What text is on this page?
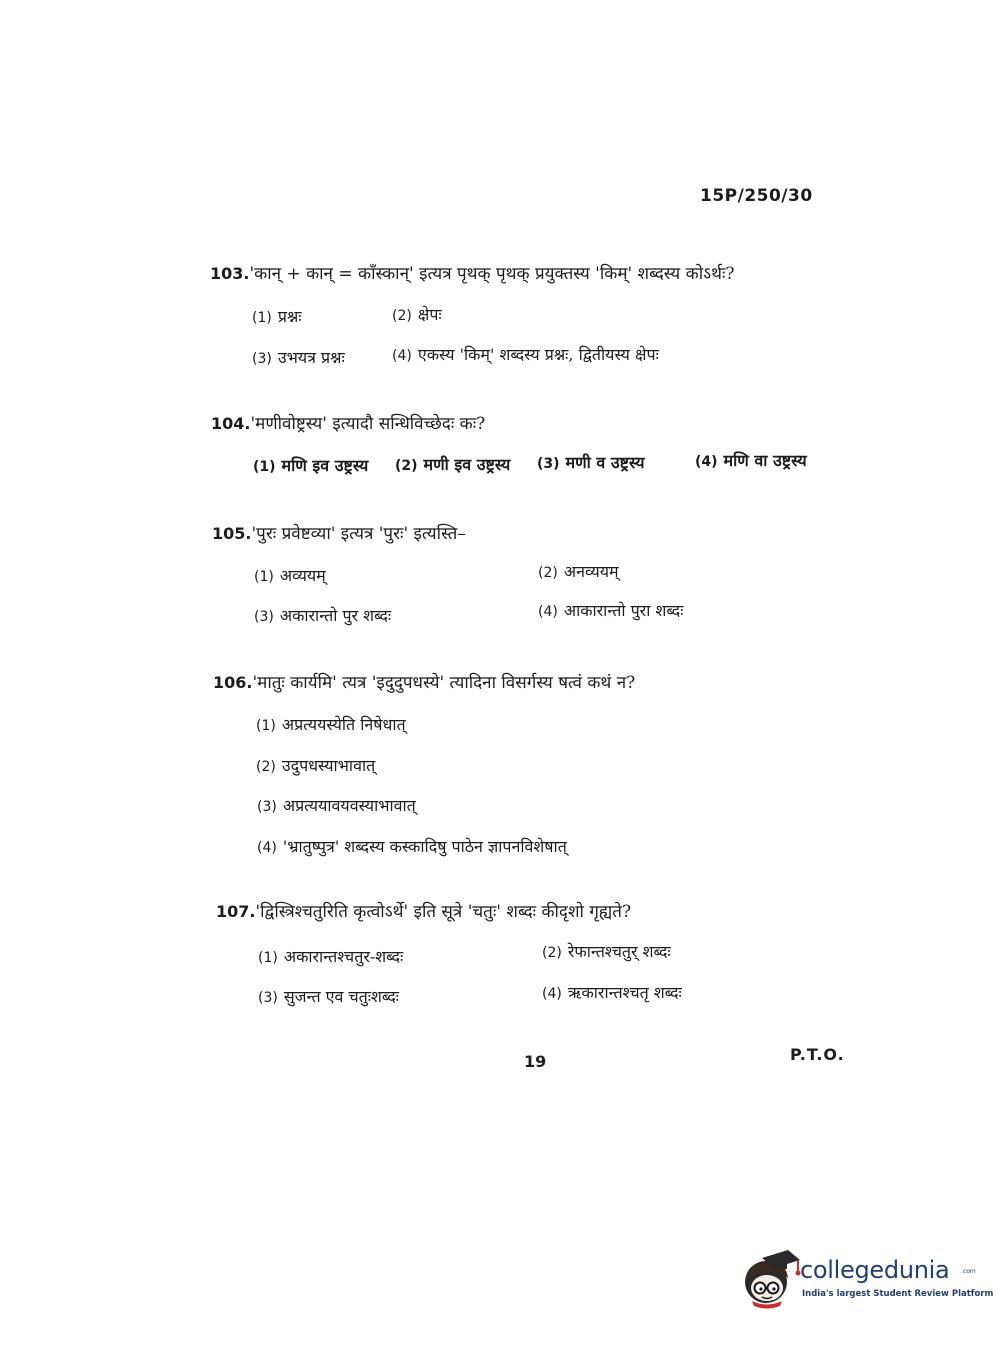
15P/250/30
103.'कान् + कान् = काँस्कान्' इत्यत्र पृथक् पृथक् प्रयुक्तस्य 'किम्' शब्दस्य कोऽर्थः?
(1) प्रश्नः	(2) क्षेपः
(3) उभयत्र प्रश्नः	(4) एकस्य 'किम्' शब्दस्य प्रश्नः, द्वितीयस्य क्षेपः
104.'मणीवोष्ट्रस्य' इत्यादौ सन्धिविच्छेदः कः?
(1) मणि इव उष्ट्रस्य (2) मणी इव उष्ट्रस्य (3) मणी व उष्ट्रस्य	(4) मणि वा उष्ट्रस्य
105.'पुरः प्रवेष्टव्या' इत्यत्र 'पुरः' इत्यस्ति–
(1) अव्ययम्	(2) अनव्ययम्
(3) अकारान्तो पुर शब्दः	(4) आकारान्तो पुरा शब्दः
106.'मातुः कार्यमि' त्यत्र 'इदुदुपधस्ये' त्यादिना विसर्गस्य षत्वं कथं न?
(1) अप्रत्ययस्येति निषेधात्
(2) उदुपधस्याभावात्
(3) अप्रत्ययावयवस्याभावात्
(4) 'भ्रातुष्पुत्र' शब्दस्य कस्कादिषु पाठेन ज्ञापनविशेषात्
107.'द्विस्त्रिश्चतुरिति कृत्वोऽर्थे' इति सूत्रे 'चतुः' शब्दः कीदृशो गृह्यते?
(1) अकारान्तश्चतुर-शब्दः	(2) रेफान्तश्चतुर् शब्दः
(3) सुजन्त एव चतुःशब्दः	(4) ऋकारान्तश्चतृ शब्दः
19	P.T.O.
collegedunia .com
India's largest Student Review Platform
